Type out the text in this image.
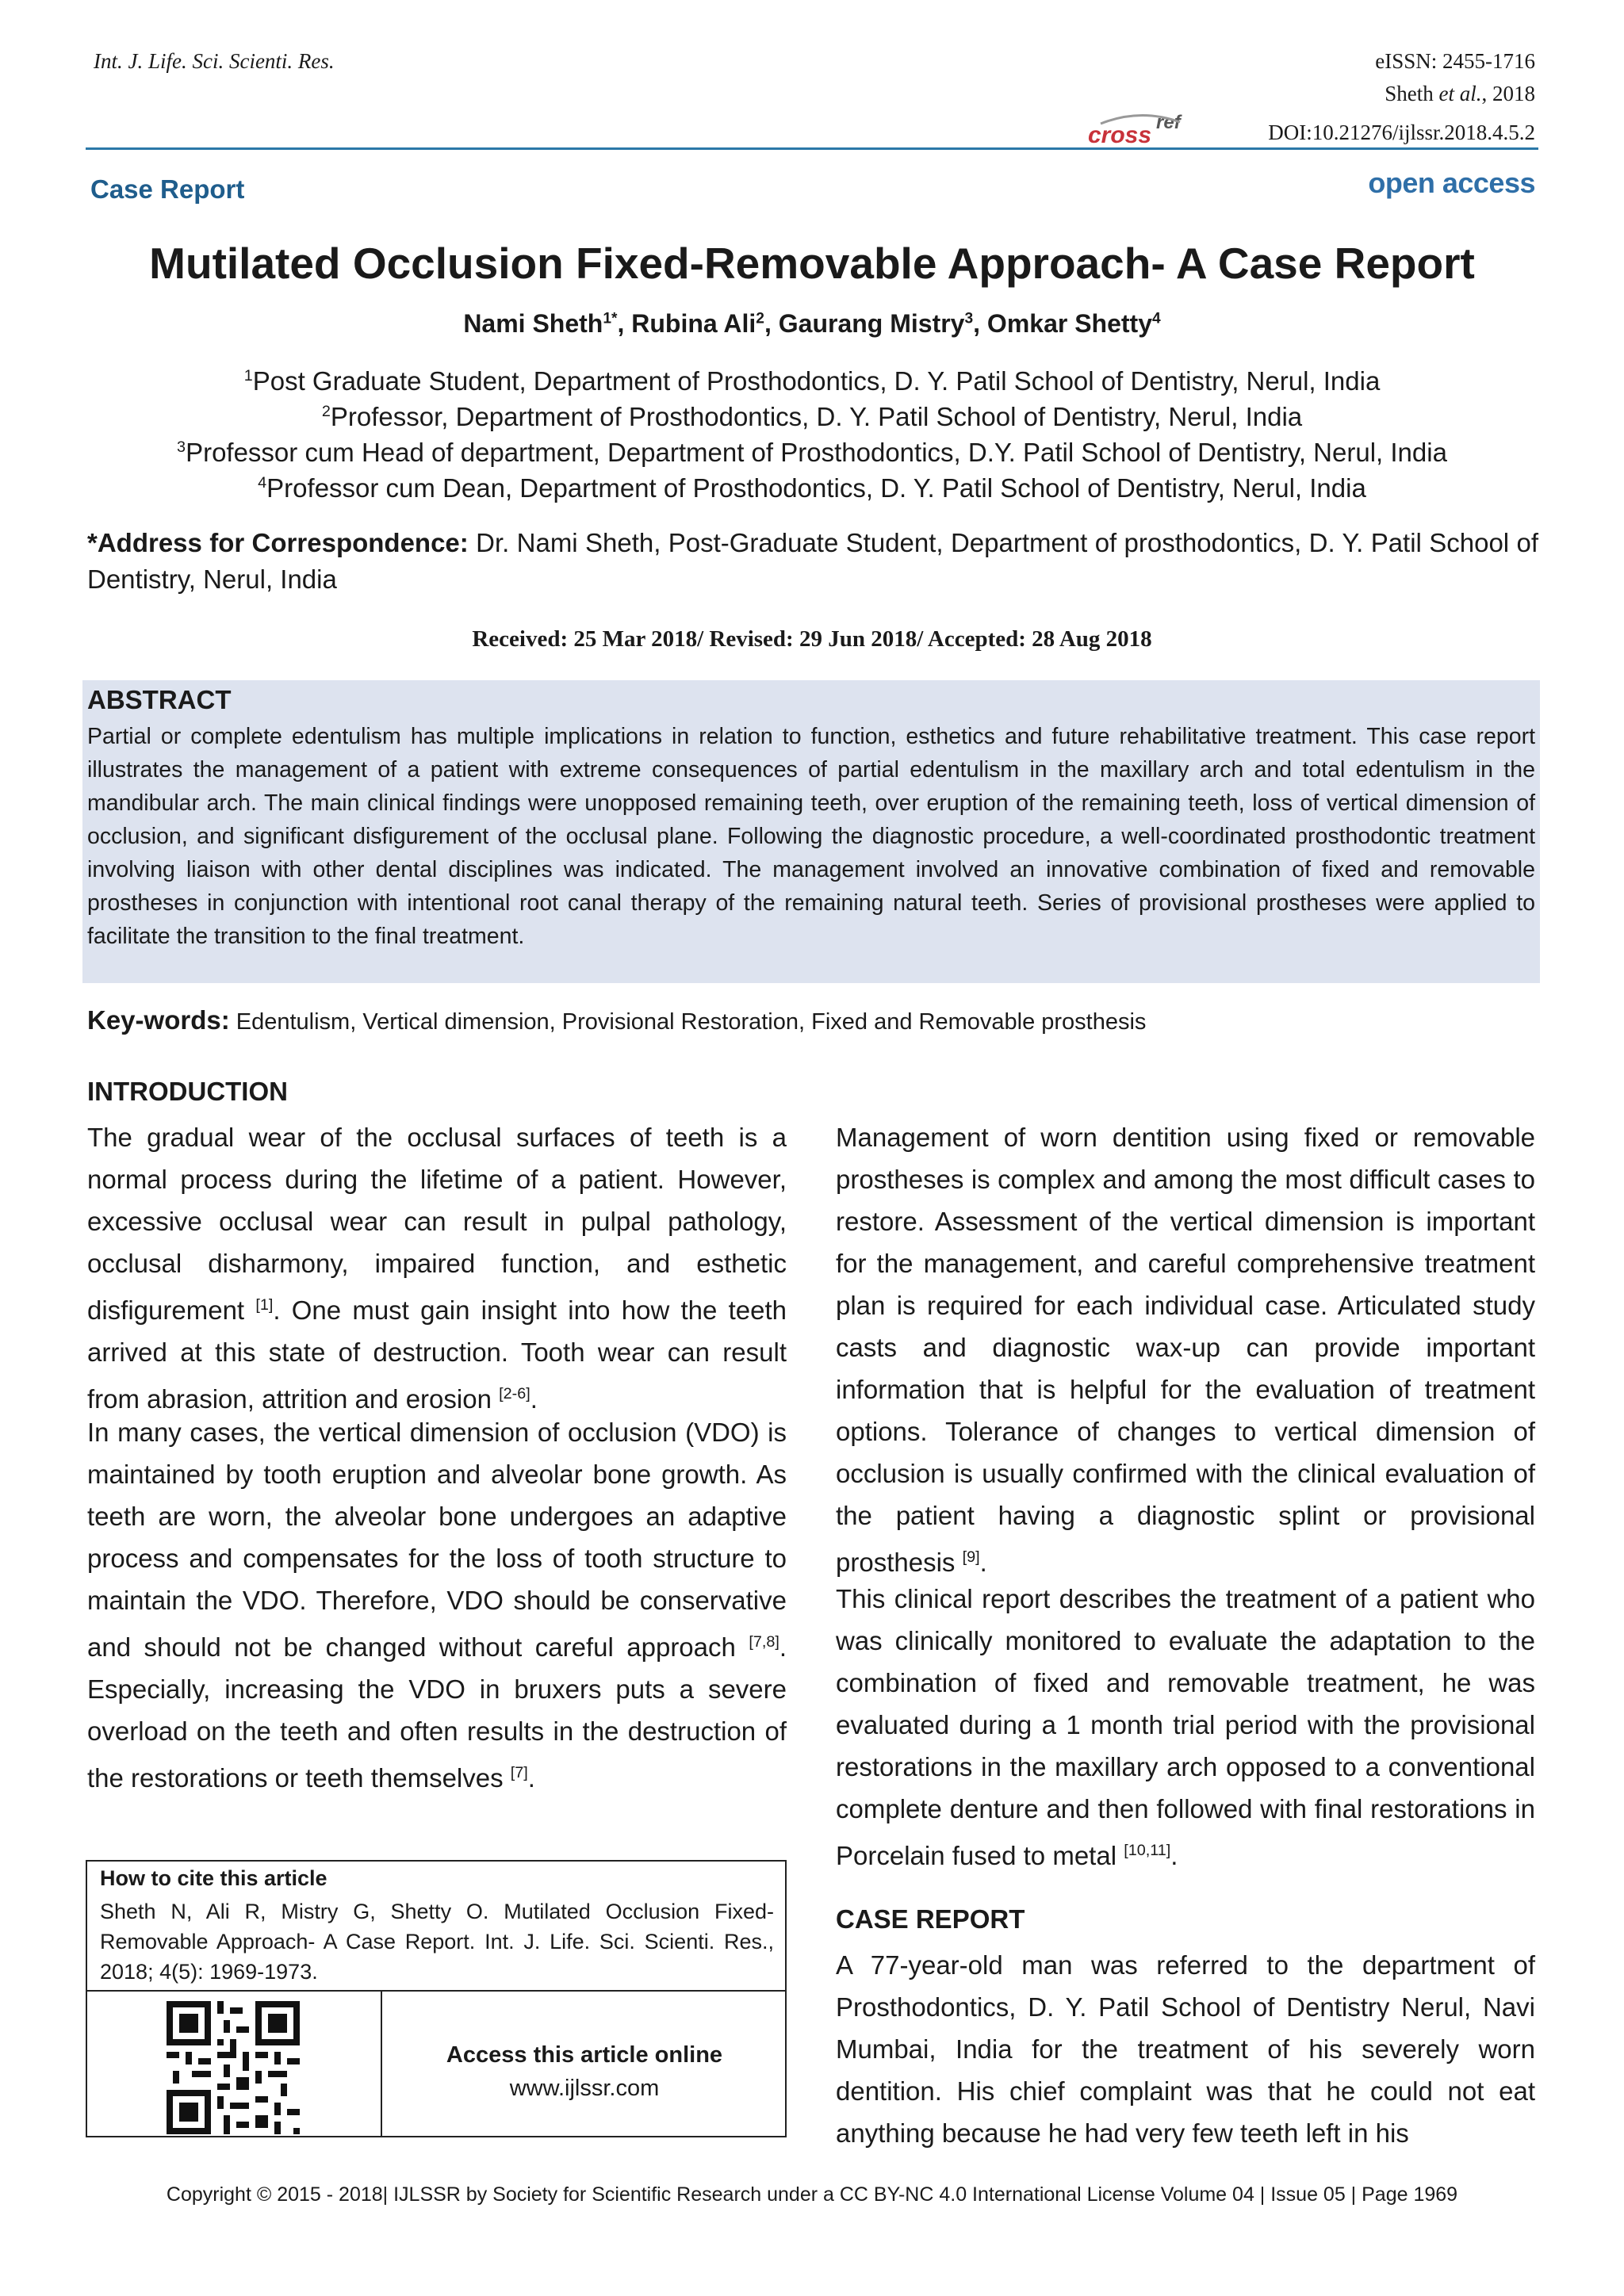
Int. J. Life. Sci. Scienti. Res.	eISSN: 2455-1716
Sheth et al., 2018
cross ref	DOI:10.21276/ijlssr.2018.4.5.2
Case Report	open access
Mutilated Occlusion Fixed-Removable Approach- A Case Report
Nami Sheth$^{1*}$, Rubina Ali$^2$, Gaurang Mistry$^3$, Omkar Shetty$^4$
$^1$Post Graduate Student, Department of Prosthodontics, D. Y. Patil School of Dentistry, Nerul, India
$^2$Professor, Department of Prosthodontics, D. Y. Patil School of Dentistry, Nerul, India
$^3$Professor cum Head of department, Department of Prosthodontics, D.Y. Patil School of Dentistry, Nerul, India
$^4$Professor cum Dean, Department of Prosthodontics, D. Y. Patil School of Dentistry, Nerul, India
*Address for Correspondence: Dr. Nami Sheth, Post-Graduate Student, Department of prosthodontics, D. Y. Patil School of Dentistry, Nerul, India
Received: 25 Mar 2018/ Revised: 29 Jun 2018/ Accepted: 28 Aug 2018
ABSTRACT
Partial or complete edentulism has multiple implications in relation to function, esthetics and future rehabilitative treatment. This case report illustrates the management of a patient with extreme consequences of partial edentulism in the maxillary arch and total edentulism in the mandibular arch. The main clinical findings were unopposed remaining teeth, over eruption of the remaining teeth, loss of vertical dimension of occlusion, and significant disfigurement of the occlusal plane. Following the diagnostic procedure, a well-coordinated prosthodontic treatment involving liaison with other dental disciplines was indicated. The management involved an innovative combination of fixed and removable prostheses in conjunction with intentional root canal therapy of the remaining natural teeth. Series of provisional prostheses were applied to facilitate the transition to the final treatment.
Key-words: Edentulism, Vertical dimension, Provisional Restoration, Fixed and Removable prosthesis
INTRODUCTION
The gradual wear of the occlusal surfaces of teeth is a normal process during the lifetime of a patient. However, excessive occlusal wear can result in pulpal pathology, occlusal disharmony, impaired function, and esthetic disfigurement [1]. One must gain insight into how the teeth arrived at this state of destruction. Tooth wear can result from abrasion, attrition and erosion [2-6].
In many cases, the vertical dimension of occlusion (VDO) is maintained by tooth eruption and alveolar bone growth. As teeth are worn, the alveolar bone undergoes an adaptive process and compensates for the loss of tooth structure to maintain the VDO. Therefore, VDO should be conservative and should not be changed without careful approach [7,8]. Especially, increasing the VDO in bruxers puts a severe overload on the teeth and often results in the destruction of the restorations or teeth themselves [7].
How to cite this article
Sheth N, Ali R, Mistry G, Shetty O. Mutilated Occlusion Fixed-Removable Approach- A Case Report. Int. J. Life. Sci. Scienti. Res., 2018; 4(5): 1969-1973.
Access this article online
www.ijlssr.com
Management of worn dentition using fixed or removable prostheses is complex and among the most difficult cases to restore. Assessment of the vertical dimension is important for the management, and careful comprehensive treatment plan is required for each individual case. Articulated study casts and diagnostic wax-up can provide important information that is helpful for the evaluation of treatment options. Tolerance of changes to vertical dimension of occlusion is usually confirmed with the clinical evaluation of the patient having a diagnostic splint or provisional prosthesis [9].
This clinical report describes the treatment of a patient who was clinically monitored to evaluate the adaptation to the combination of fixed and removable treatment, he was evaluated during a 1 month trial period with the provisional restorations in the maxillary arch opposed to a conventional complete denture and then followed with final restorations in Porcelain fused to metal [10,11].
CASE REPORT
A 77-year-old man was referred to the department of Prosthodontics, D. Y. Patil School of Dentistry Nerul, Navi Mumbai, India for the treatment of his severely worn dentition. His chief complaint was that he could not eat anything because he had very few teeth left in his
Copyright © 2015 - 2018| IJLSSR by Society for Scientific Research under a CC BY-NC 4.0 International License Volume 04 | Issue 05 | Page 1969
